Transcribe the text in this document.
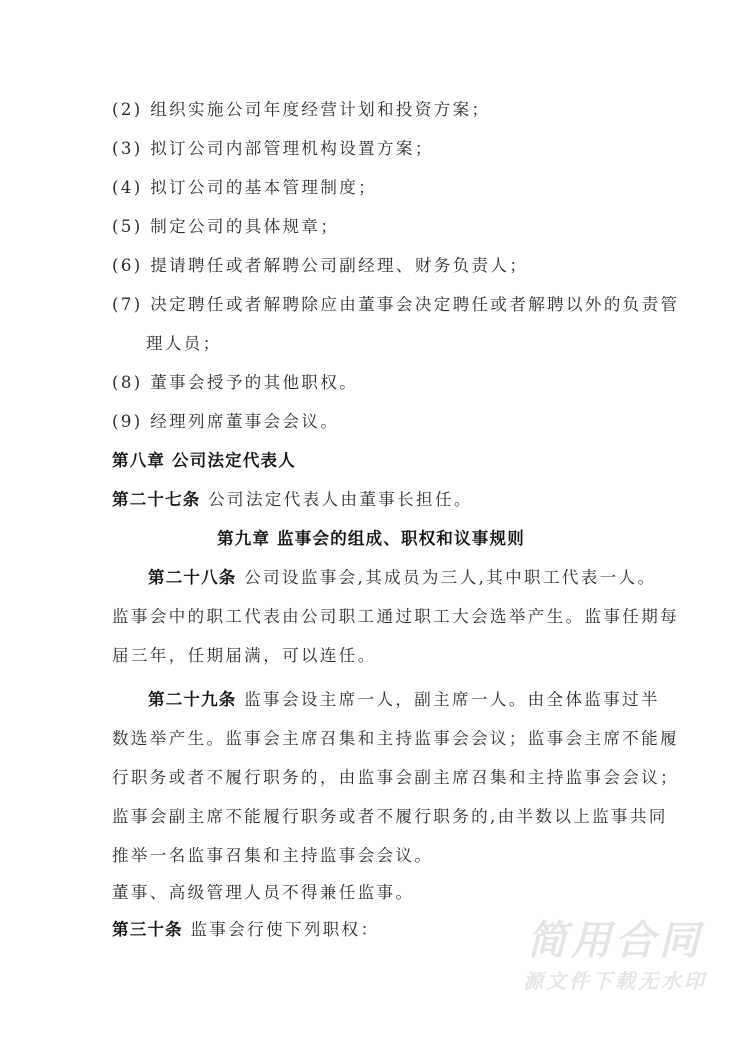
(2) 组织实施公司年度经营计划和投资方案；
(3) 拟订公司内部管理机构设置方案；
(4) 拟订公司的基本管理制度；
(5) 制定公司的具体规章；
(6) 提请聘任或者解聘公司副经理、财务负责人；
(7) 决定聘任或者解聘除应由董事会决定聘任或者解聘以外的负责管
理人员；
(8) 董事会授予的其他职权。
(9) 经理列席董事会会议。
第八章 公司法定代表人
第二十七条 公司法定代表人由董事长担任。
第九章 监事会的组成、职权和议事规则
第二十八条 公司设监事会,其成员为三人,其中职工代表一人。
监事会中的职工代表由公司职工通过职工大会选举产生。监事任期每
届三年，任期届满，可以连任。
第二十九条 监事会设主席一人，副主席一人。由全体监事过半
数选举产生。监事会主席召集和主持监事会会议；监事会主席不能履
行职务或者不履行职务的，由监事会副主席召集和主持监事会会议；
监事会副主席不能履行职务或者不履行职务的,由半数以上监事共同
推举一名监事召集和主持监事会会议。
董事、高级管理人员不得兼任监事。
第三十条 监事会行使下列职权：	简用合同
源文件下载无水印
